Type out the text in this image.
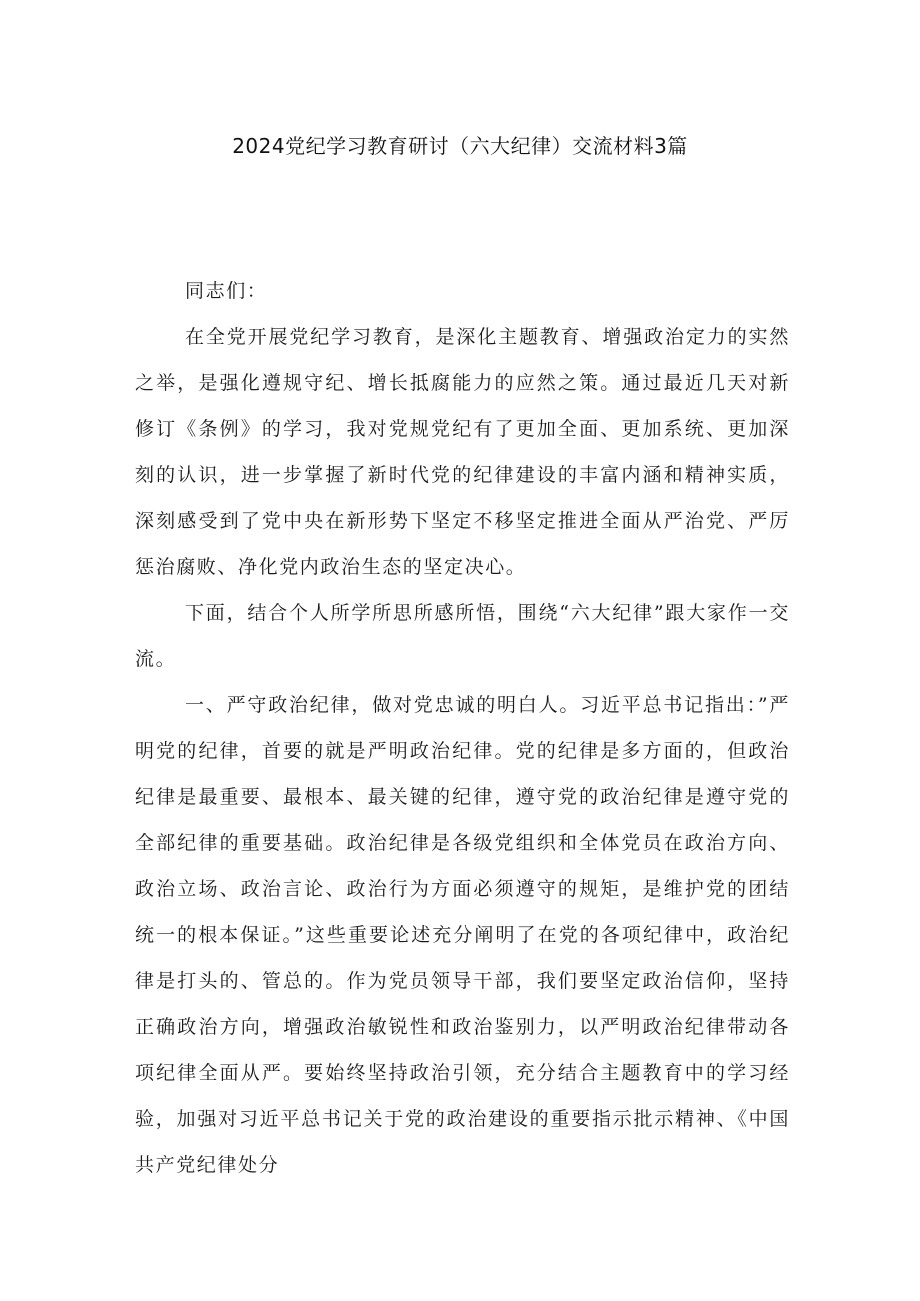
2024党纪学习教育研讨（六大纪律）交流材料3篇

同志们：

在全党开展党纪学习教育，是深化主题教育、增强政治定力的实然之举，是强化遵规守纪、增长抵腐能力的应然之策。通过最近几天对新修订《条例》的学习，我对党规党纪有了更加全面、更加系统、更加深刻的认识，进一步掌握了新时代党的纪律建设的丰富内涵和精神实质，深刻感受到了党中央在新形势下坚定不移坚定推进全面从严治党、严厉惩治腐败、净化党内政治生态的坚定决心。

下面，结合个人所学所思所感所悟，围绕“六大纪律”跟大家作一交流。

一、严守政治纪律，做对党忠诚的明白人。习近平总书记指出：”严明党的纪律，首要的就是严明政治纪律。党的纪律是多方面的，但政治纪律是最重要、最根本、最关键的纪律，遵守党的政治纪律是遵守党的全部纪律的重要基础。政治纪律是各级党组织和全体党员在政治方向、政治立场、政治言论、政治行为方面必须遵守的规矩，是维护党的团结统一的根本保证。”这些重要论述充分阐明了在党的各项纪律中，政治纪律是打头的、管总的。作为党员领导干部，我们要坚定政治信仰，坚持正确政治方向，增强政治敏锐性和政治鉴别力，以严明政治纪律带动各项纪律全面从严。要始终坚持政治引领，充分结合主题教育中的学习经验，加强对习近平总书记关于党的政治建设的重要指示批示精神、《中国共产党纪律处分
